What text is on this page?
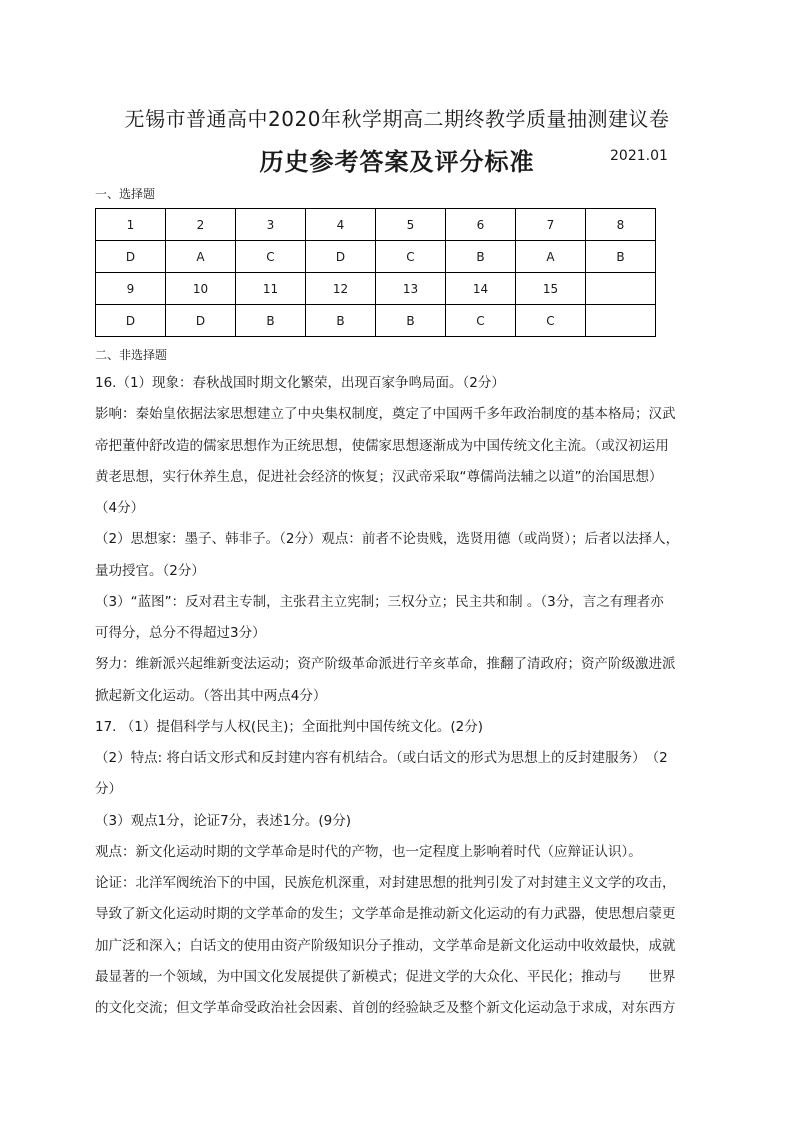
无锡市普通高中2020年秋学期高二期终教学质量抽测建议卷
历史参考答案及评分标准	2021.01
一、选择题
1	2	3	4	5	6	7	8
D	A	C	D	C	B	A	B
9	10	11	12	13	14	15	
D	D	B	B	B	C	C	
二、非选择题
16.（1）现象：春秋战国时期文化繁荣，出现百家争鸣局面。（2分）
影响：秦始皇依据法家思想建立了中央集权制度，奠定了中国两千多年政治制度的基本格局；汉武
帝把董仲舒改造的儒家思想作为正统思想，使儒家思想逐渐成为中国传统文化主流。（或汉初运用
黄老思想，实行休养生息，促进社会经济的恢复；汉武帝采取“尊儒尚法辅之以道”的治国思想）
（4分）
（2）思想家：墨子、韩非子。（2分）观点：前者不论贵贱，选贤用德（或尚贤）；后者以法择人，
量功授官。（2分）
（3）“蓝图”：反对君主专制，主张君主立宪制；三权分立；民主共和制 。（3分，言之有理者亦
可得分，总分不得超过3分）
努力：维新派兴起维新变法运动；资产阶级革命派进行辛亥革命，推翻了清政府；资产阶级激进派
掀起新文化运动。（答出其中两点4分）
17. （1）提倡科学与人权(民主)；全面批判中国传统文化。(2分)
（2）特点: 将白话文形式和反封建内容有机结合。（或白话文的形式为思想上的反封建服务）　（2
分）
（3）观点1分，论证7分，表述1分。(9分)
观点：新文化运动时期的文学革命是时代的产物，也一定程度上影响着时代（应辩证认识）。
论证：北洋军阀统治下的中国，民族危机深重，对封建思想的批判引发了对封建主义文学的攻击，
导致了新文化运动时期的文学革命的发生；文学革命是推动新文化运动的有力武器，使思想启蒙更
加广泛和深入；白话文的使用由资产阶级知识分子推动，文学革命是新文化运动中收效最快，成就
最显著的一个领域，为中国文化发展提供了新模式；促进文学的大众化、平民化；推动与　　世界
的文化交流；但文学革命受政治社会因素、首创的经验缺乏及整个新文化运动急于求成，对东西方
